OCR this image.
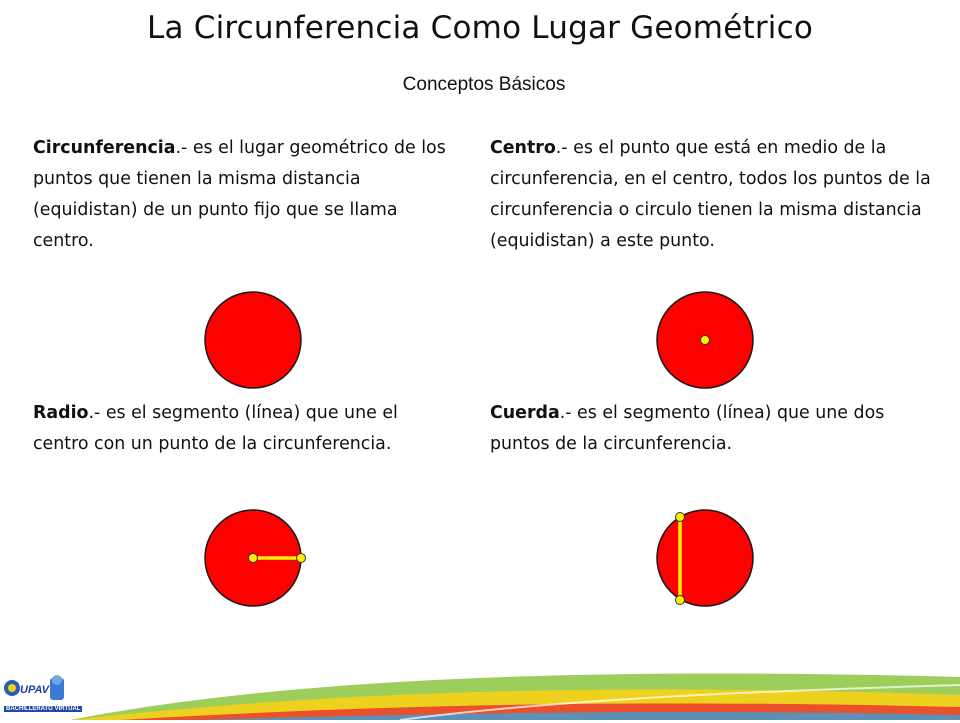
La Circunferencia Como Lugar Geométrico
Conceptos Básicos
Circunferencia.- es el lugar geométrico de los puntos que tienen la misma distancia (equidistan) de un punto fijo que se llama centro.
Centro.- es el punto que está en medio de la circunferencia, en el centro, todos los puntos de la circunferencia o circulo tienen la misma distancia (equidistan) a este punto.
Radio.- es el segmento (línea) que une el centro con un punto de la circunferencia.
Cuerda.- es el segmento (línea) que une dos puntos de la circunferencia.
UPAV
BACHILLERATO VIRTUAL
